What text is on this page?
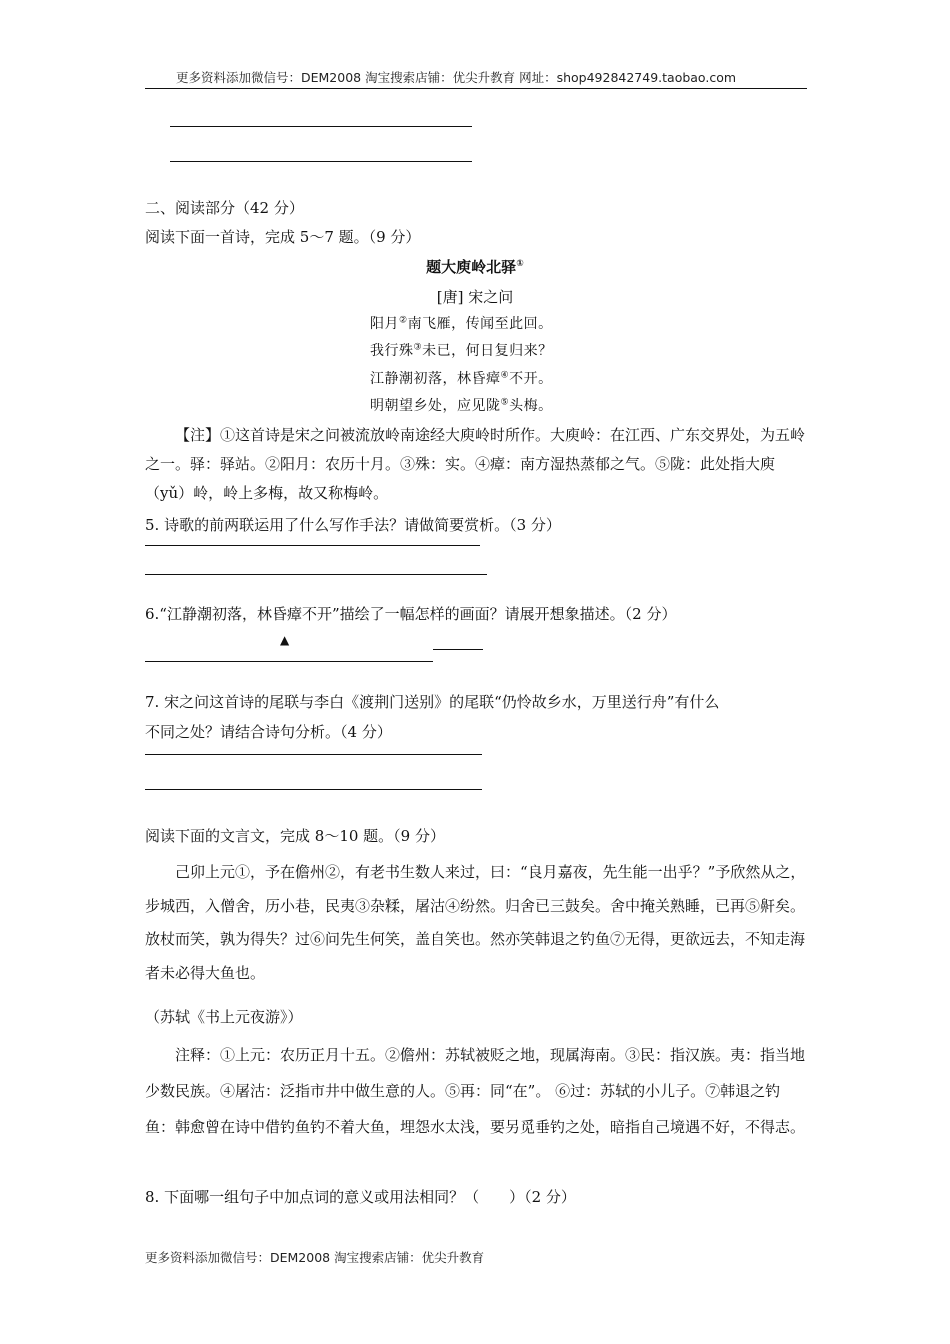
更多资料添加微信号：DEM2008 淘宝搜索店铺：优尖升教育 网址：shop492842749.taobao.com
二、阅读部分（42 分）
阅读下面一首诗，完成 5～7 题。（9 分）
题大庾岭北驿①
[唐] 宋之问
阳月②南飞雁，传闻至此回。
我行殊③未已，何日复归来？
江静潮初落，林昏瘴④不开。
明朝望乡处，应见陇⑤头梅。
【注】①这首诗是宋之问被流放岭南途经大庾岭时所作。大庾岭：在江西、广东交界处，为五岭之一。驿：驿站。②阳月：农历十月。③殊：实。④瘴：南方湿热蒸郁之气。⑤陇：此处指大庾（yǔ）岭，岭上多梅，故又称梅岭。
5. 诗歌的前两联运用了什么写作手法？请做简要赏析。（3 分）
6.“江静潮初落，林昏瘴不开”描绘了一幅怎样的画面？请展开想象描述。（2 分）
▲
7. 宋之问这首诗的尾联与李白《渡荆门送别》的尾联“仍怜故乡水，万里送行舟”有什么
不同之处？请结合诗句分析。（4 分）
阅读下面的文言文，完成 8～10 题。（9 分）
己卯上元①，予在儋州②，有老书生数人来过，曰：“良月嘉夜，先生能一出乎？”予欣然从之，步城西，入僧舍，历小巷，民夷③杂糅，屠沽④纷然。归舍已三鼓矣。舍中掩关熟睡，已再⑤鼾矣。放杖而笑，孰为得失？过⑥问先生何笑，盖自笑也。然亦笑韩退之钓鱼⑦无得，更欲远去，不知走海者未必得大鱼也。
（苏轼《书上元夜游》）
注释：①上元：农历正月十五。②儋州：苏轼被贬之地，现属海南。③民：指汉族。夷：指当地少数民族。④屠沽：泛指市井中做生意的人。⑤再：同“在”。 ⑥过：苏轼的小儿子。⑦韩退之钓鱼：韩愈曾在诗中借钓鱼钓不着大鱼，埋怨水太浅，要另觅垂钓之处，暗指自己境遇不好，不得志。
8. 下面哪一组句子中加点词的意义或用法相同？（　　）（2 分）
更多资料添加微信号：DEM2008 淘宝搜索店铺：优尖升教育
